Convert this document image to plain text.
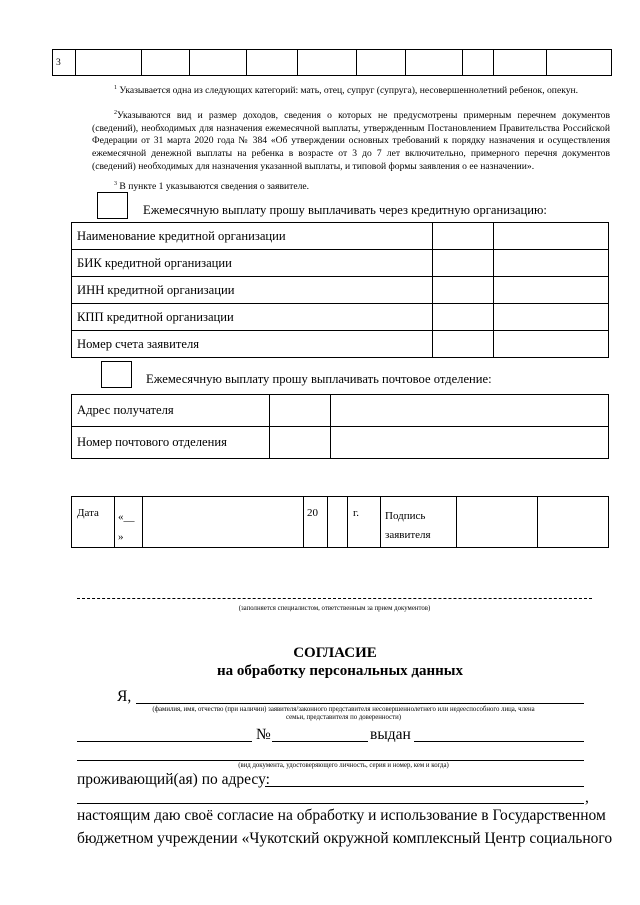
3										
$^1$ Указывается одна из следующих категорий: мать, отец, супруг (супруга), несовершеннолетний ребенок, опекун.
$^2$Указываются вид и размер доходов, сведения о которых не предусмотрены примерным перечнем документов (сведений), необходимых для назначения ежемесячной выплаты, утвержденным Постановлением Правительства Российской Федерации от 31 марта 2020 года № 384 «Об утверждении основных требований к порядку назначения и осуществления ежемесячной денежной выплаты на ребенка в возрасте от 3 до 7 лет включительно, примерного перечня документов (сведений) необходимых для назначения указанной выплаты, и типовой формы заявления о ее назначении».
$^3$ В пункте 1 указываются сведения о заявителе.
Ежемесячную выплату прошу выплачивать через кредитную организацию:
Наименование кредитной организации		
БИК кредитной организации		
ИНН кредитной организации		
КПП кредитной организации		
Номер счета заявителя		
Ежемесячную выплату прошу выплачивать почтовое отделение:
Адрес получателя		
Номер почтового отделения		
Дата	«__
»		20		г.	Подпись
заявителя		
(заполняется специалистом, ответственным за прием документов)
СОГЛАСИЕ
на обработку персональных данных
Я,
(фамилия, имя, отчество (при наличии) заявителя/законного представителя несовершеннолетнего или недееспособного лица, члена
семьи, представителя по доверенности)
№	выдан
(вид документа, удостоверяющего личность, серия и номер, кем и когда)
проживающий(ая) по адресу:
,
настоящим даю своё согласие на обработку и использование в Государственном
бюджетном учреждении «Чукотский окружной комплексный Центр социального
